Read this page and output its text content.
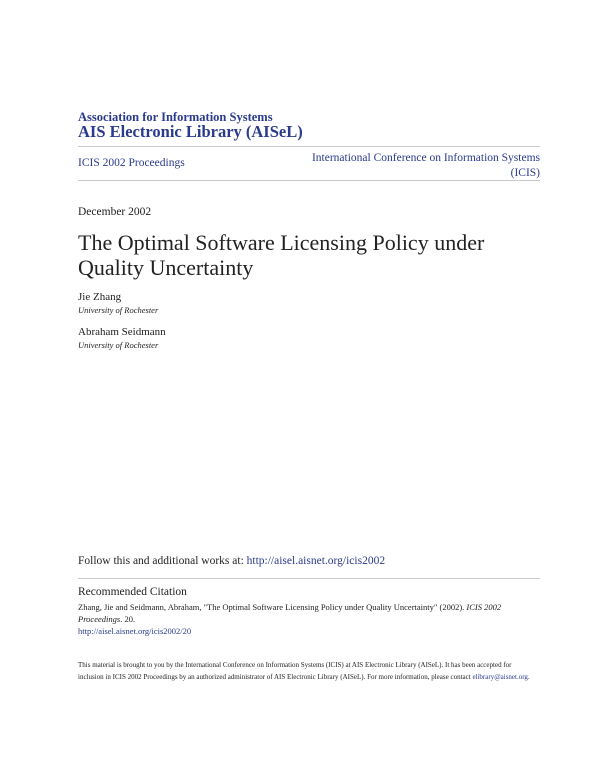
Association for Information Systems
AIS Electronic Library (AISeL)
ICIS 2002 Proceedings	International Conference on Information Systems (ICIS)
December 2002
The Optimal Software Licensing Policy under Quality Uncertainty
Jie Zhang
University of Rochester
Abraham Seidmann
University of Rochester
Follow this and additional works at: http://aisel.aisnet.org/icis2002
Recommended Citation
Zhang, Jie and Seidmann, Abraham, "The Optimal Software Licensing Policy under Quality Uncertainty" (2002). ICIS 2002 Proceedings. 20.
http://aisel.aisnet.org/icis2002/20
This material is brought to you by the International Conference on Information Systems (ICIS) at AIS Electronic Library (AISeL). It has been accepted for inclusion in ICIS 2002 Proceedings by an authorized administrator of AIS Electronic Library (AISeL). For more information, please contact elibrary@aisnet.org.
